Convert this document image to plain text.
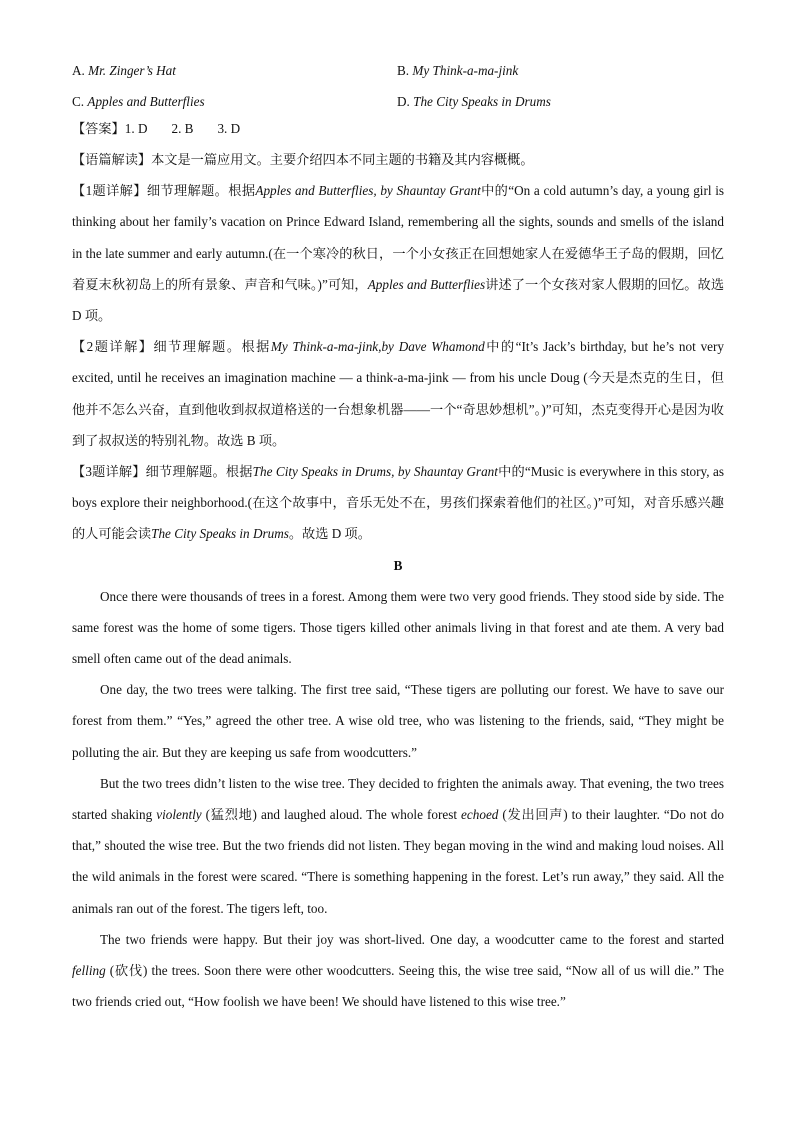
A. Mr. Zinger’s Hat	B. My Think-a-ma-jink
C. Apples and Butterflies	D. The City Speaks in Drums
【答案】1. D 2. B 3. D
【语篇解读】本文是一篇应用文。主要介绍四本不同主题的书籍及其内容概概。
【1题详解】细节理解题。根据Apples and Butterflies, by Shauntay Grant中的“On a cold autumn’s day, a young girl is thinking about her family’s vacation on Prince Edward Island, remembering all the sights, sounds and smells of the island in the late summer and early autumn.(在一个寒冷的秋日，一个小女孩正在回想她家人在爱德华王子岛的假期，回忆着夏末秋初岛上的所有景象、声音和气味。)”可知，Apples and Butterflies讲述了一个女孩对家人假期的回忆。故选 D 项。
【2题详解】细节理解题。根据My Think-a-ma-jink,by Dave Whamond中的“It’s Jack’s birthday, but he’s not very excited, until he receives an imagination machine — a think-a-ma-jink — from his uncle Doug (今天是杰克的生日，但他并不怎么兴奋，直到他收到叔叔道格送的一台想象机器——一个“奇思妙想机”。)”可知，杰克变得开心是因为收到了叔叔送的特别礼物。故选 B 项。
【3题详解】细节理解题。根据The City Speaks in Drums, by Shauntay Grant中的“Music is everywhere in this story, as boys explore their neighborhood.(在这个故事中，音乐无处不在，男孩们探索着他们的社区。)”可知，对音乐感兴趣的人可能会读The City Speaks in Drums。故选 D 项。
B
Once there were thousands of trees in a forest. Among them were two very good friends. They stood side by side. The same forest was the home of some tigers. Those tigers killed other animals living in that forest and ate them. A very bad smell often came out of the dead animals.
One day, the two trees were talking. The first tree said, “These tigers are polluting our forest. We have to save our forest from them.” “Yes,” agreed the other tree. A wise old tree, who was listening to the friends, said, “They might be polluting the air. But they are keeping us safe from woodcutters.”
But the two trees didn’t listen to the wise tree. They decided to frighten the animals away. That evening, the two trees started shaking violently (猛烈地) and laughed aloud. The whole forest echoed (发出回声) to their laughter. “Do not do that,” shouted the wise tree. But the two friends did not listen. They began moving in the wind and making loud noises. All the wild animals in the forest were scared. “There is something happening in the forest. Let’s run away,” they said. All the animals ran out of the forest. The tigers left, too.
The two friends were happy. But their joy was short-lived. One day, a woodcutter came to the forest and started felling (砍伐) the trees. Soon there were other woodcutters. Seeing this, the wise tree said, “Now all of us will die.” The two friends cried out, “How foolish we have been! We should have listened to this wise tree.”
